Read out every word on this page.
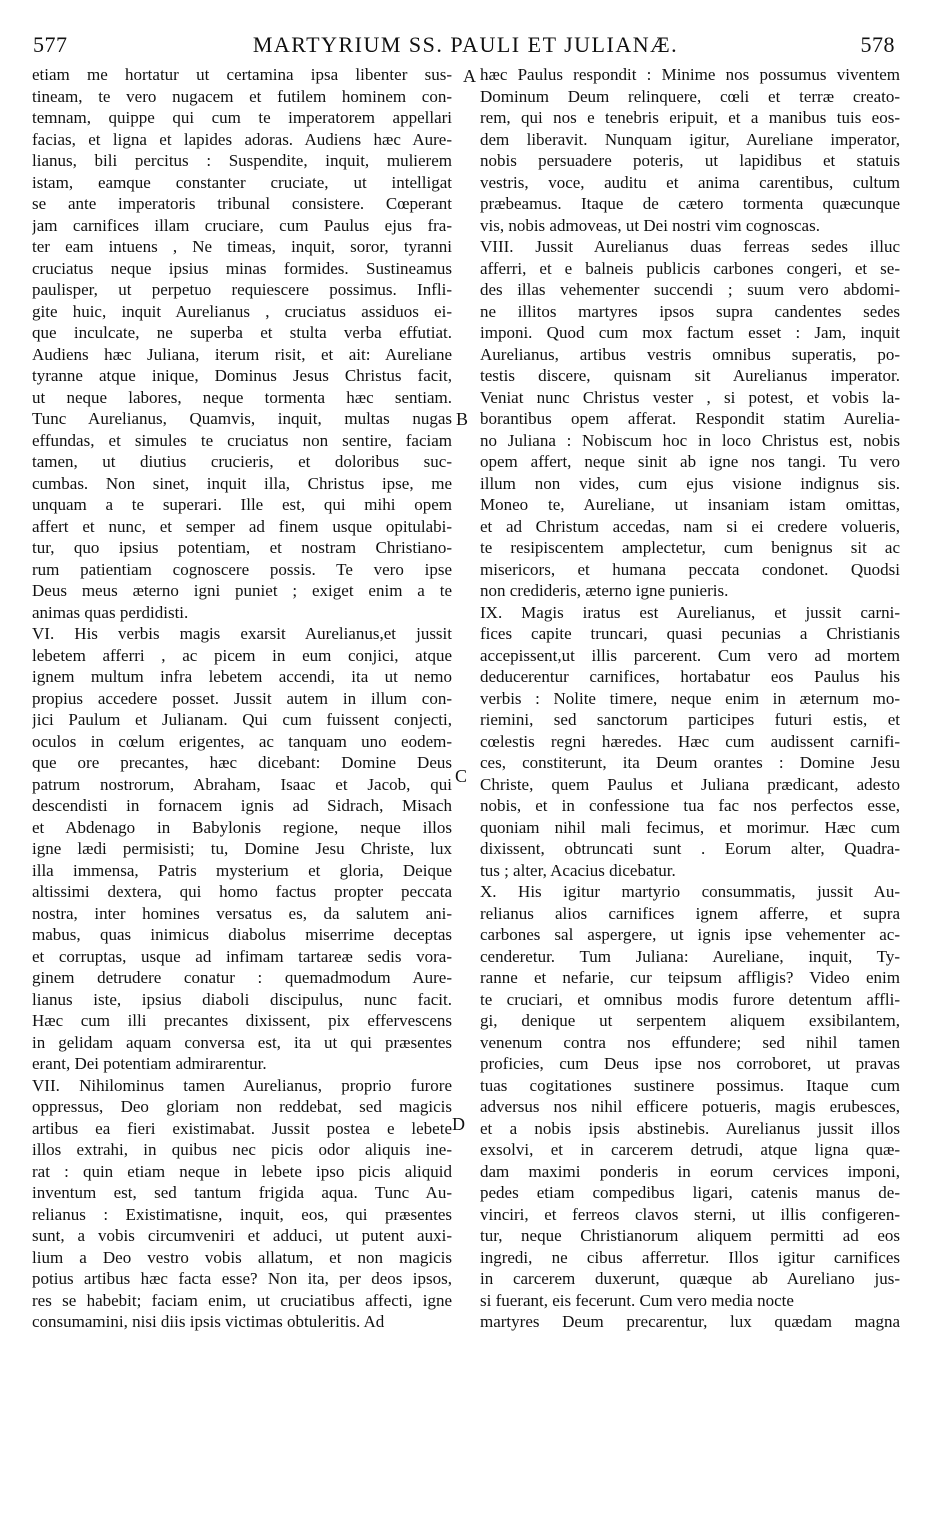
577	MARTYRIUM SS. PAULI ET JULIANÆ.	578
etiam me hortatur ut certamina ipsa libenter sus-
tineam, te vero nugacem et futilem hominem con-
temnam, quippe qui cum te imperatorem appellari
facias, et ligna et lapides adoras. Audiens hæc Aure-
lianus, bili percitus : Suspendite, inquit, mulierem
istam, eamque constanter cruciate, ut intelligat
se ante imperatoris tribunal consistere. Cœperant
jam carnifices illam cruciare, cum Paulus ejus fra-
ter eam intuens , Ne timeas, inquit, soror, tyranni
cruciatus neque ipsius minas formides. Sustineamus
paulisper, ut perpetuo requiescere possimus. Infli-
gite huic, inquit Aurelianus , cruciatus assiduos ei-
que inculcate, ne superba et stulta verba effutiat.
Audiens hæc Juliana, iterum risit, et ait: Aureliane
tyranne atque inique, Dominus Jesus Christus facit,
ut neque labores, neque tormenta hæc sentiam.
Tunc Aurelianus, Quamvis, inquit, multas nugas
effundas, et simules te cruciatus non sentire, faciam
tamen, ut diutius crucieris, et doloribus suc-
cumbas. Non sinet, inquit illa, Christus ipse, me
unquam a te superari. Ille est, qui mihi opem
affert et nunc, et semper ad finem usque opitulabi-
tur, quo ipsius potentiam, et nostram Christiano-
rum patientiam cognoscere possis. Te vero ipse
Deus meus æterno igni puniet ; exiget enim a te
animas quas perdidisti.
VI. His verbis magis exarsit Aurelianus,et jussit
lebetem afferri , ac picem in eum conjici, atque
ignem multum infra lebetem accendi, ita ut nemo
propius accedere posset. Jussit autem in illum con-
jici Paulum et Julianam. Qui cum fuissent conjecti,
oculos in cœlum erigentes, ac tanquam uno eodem-
que ore precantes, hæc dicebant: Domine Deus
patrum nostrorum, Abraham, Isaac et Jacob, qui
descendisti in fornacem ignis ad Sidrach, Misach
et Abdenago in Babylonis regione, neque illos
igne lædi permisisti; tu, Domine Jesu Christe, lux
illa immensa, Patris mysterium et gloria, Deique
altissimi dextera, qui homo factus propter peccata
nostra, inter homines versatus es, da salutem ani-
mabus, quas inimicus diabolus miserrime deceptas
et corruptas, usque ad infimam tartareæ sedis vora-
ginem detrudere conatur : quemadmodum Aure-
lianus iste, ipsius diaboli discipulus, nunc facit.
Hæc cum illi precantes dixissent, pix effervescens
in gelidam aquam conversa est, ita ut qui præsentes
erant, Dei potentiam admirarentur.
VII. Nihilominus tamen Aurelianus, proprio furore
oppressus, Deo gloriam non reddebat, sed magicis
artibus ea fieri existimabat. Jussit postea e lebete
illos extrahi, in quibus nec picis odor aliquis ine-
rat : quin etiam neque in lebete ipso picis aliquid
inventum est, sed tantum frigida aqua. Tunc Au-
relianus : Existimatisne, inquit, eos, qui præsentes
sunt, a vobis circumveniri et adduci, ut putent auxi-
lium a Deo vestro vobis allatum, et non magicis
potius artibus hæc facta esse? Non ita, per deos ipsos,
res se habebit; faciam enim, ut cruciatibus affecti, igne
consumamini, nisi diis ipsis victimas obtuleritis. Ad
hæc Paulus respondit : Minime nos possumus viventem
Dominum Deum relinquere, cœli et terræ creato-
rem, qui nos e tenebris eripuit, et a manibus tuis eos-
dem liberavit. Nunquam igitur, Aureliane imperator,
nobis persuadere poteris, ut lapidibus et statuis
vestris, voce, auditu et anima carentibus, cultum
præbeamus. Itaque de cætero tormenta quæcunque
vis, nobis admoveas, ut Dei nostri vim cognoscas.
VIII. Jussit Aurelianus duas ferreas sedes illuc
afferri, et e balneis publicis carbones congeri, et se-
des illas vehementer succendi ; suum vero abdomi-
ne illitos martyres ipsos supra candentes sedes
imponi. Quod cum mox factum esset : Jam, inquit
Aurelianus, artibus vestris omnibus superatis, po-
testis discere, quisnam sit Aurelianus imperator.
Veniat nunc Christus vester , si potest, et vobis la-
borantibus opem afferat. Respondit statim Aurelia-
no Juliana : Nobiscum hoc in loco Christus est, nobis
opem affert, neque sinit ab igne nos tangi. Tu vero
illum non vides, cum ejus visione indignus sis.
Moneo te, Aureliane, ut insaniam istam omittas,
et ad Christum accedas, nam si ei credere volueris,
te resipiscentem amplectetur, cum benignus sit ac
misericors, et humana peccata condonet. Quodsi
non credideris, æterno igne punieris.
IX. Magis iratus est Aurelianus, et jussit carni-
fices capite truncari, quasi pecunias a Christianis
accepissent,ut illis parcerent. Cum vero ad mortem
deducerentur carnifices, hortabatur eos Paulus his
verbis : Nolite timere, neque enim in æternum mo-
riemini, sed sanctorum participes futuri estis, et
cœlestis regni hæredes. Hæc cum audissent carnifi-
ces, constiterunt, ita Deum orantes : Domine Jesu
Christe, quem Paulus et Juliana prædicant, adesto
nobis, et in confessione tua fac nos perfectos esse,
quoniam nihil mali fecimus, et morimur. Hæc cum
dixissent, obtruncati sunt . Eorum alter, Quadra-
tus ; alter, Acacius dicebatur.
X. His igitur martyrio consummatis, jussit Au-
relianus alios carnifices ignem afferre, et supra
carbones sal aspergere, ut ignis ipse vehementer ac-
cenderetur. Tum Juliana: Aureliane, inquit, Ty-
ranne et nefarie, cur teipsum affligis? Video enim
te cruciari, et omnibus modis furore detentum affli-
gi, denique ut serpentem aliquem exsibilantem,
venenum contra nos effundere; sed nihil tamen
proficies, cum Deus ipse nos corroboret, ut pravas
tuas cogitationes sustinere possimus. Itaque cum
adversus nos nihil efficere potueris, magis erubesces,
et a nobis ipsis abstinebis. Aurelianus jussit illos
exsolvi, et in carcerem detrudi, atque ligna quæ-
dam maximi ponderis in eorum cervices imponi,
pedes etiam compedibus ligari, catenis manus de-
vinciri, et ferreos clavos sterni, ut illis configeren-
tur, neque Christianorum aliquem permitti ad eos
ingredi, ne cibus afferretur. Illos igitur carnifices
in carcerem duxerunt, quæque ab Aureliano jus-
si fuerant, eis fecerunt. Cum vero media nocte
martyres Deum precarentur, lux quædam magna
A
B
C
D
